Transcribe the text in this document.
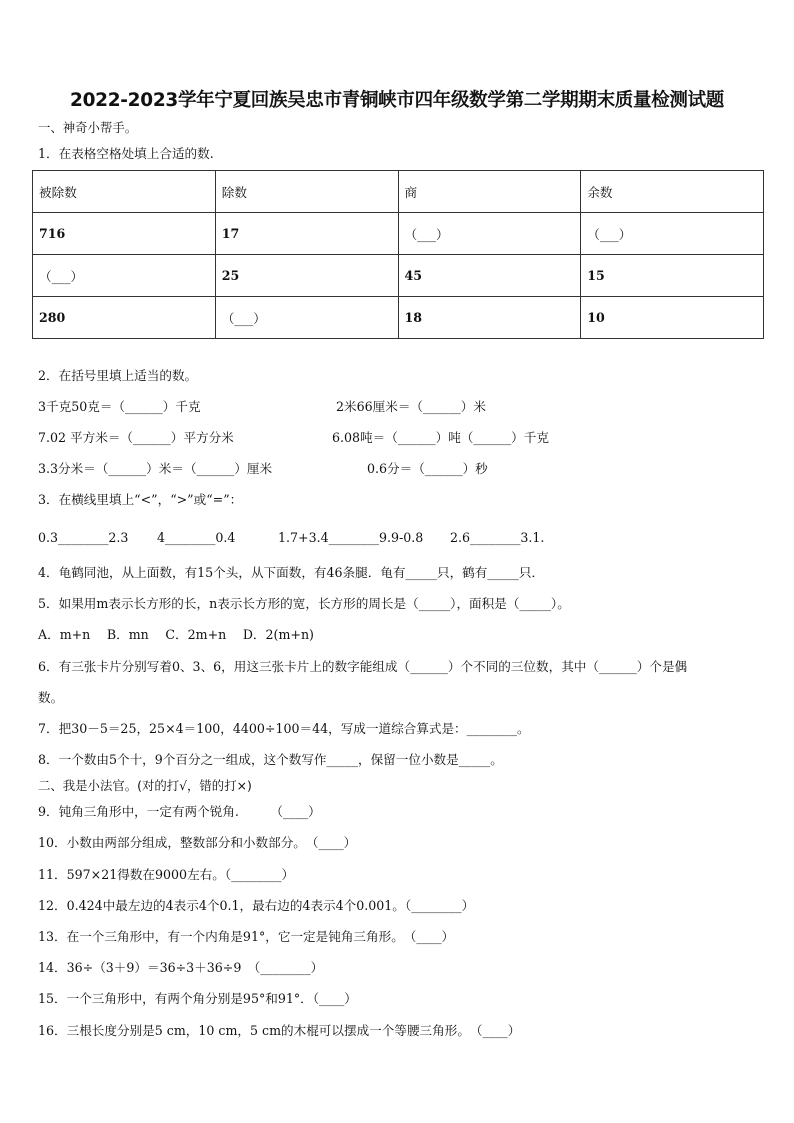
2022-2023学年宁夏回族吴忠市青铜峡市四年级数学第二学期期末质量检测试题
一、神奇小帮手。
1．在表格空格处填上合适的数.
被除数	除数	商	余数
716	17	（___）	（___）
（___）	25	45	15
280	（___）	18	10
2．在括号里填上适当的数。
3千克50克＝（______）千克	2米66厘米＝（______）米
7.02 平方米＝（______）平方分米	6.08吨＝（______）吨（______）千克
3.3分米＝（______）米＝（______）厘米	0.6分＝（______）秒
3．在横线里填上“<”，“>”或“=”：
0.3________2.3 4________0.4	1.7+3.4________9.9-0.8 2.6________3.1.
4．龟鹤同池，从上面数，有15个头，从下面数，有46条腿．龟有_____只，鹤有_____只．
5．如果用m表示长方形的长，n表示长方形的宽，长方形的周长是（_____），面积是（_____）。
A．m+n　 B．mn　 C．2m+n　 D．2(m+n)
6．有三张卡片分别写着0、3、6，用这三张卡片上的数字能组成（______）个不同的三位数，其中（______）个是偶
数。
7．把30－5＝25，25×4＝100，4400÷100＝44，写成一道综合算式是：________。
8．一个数由5个十，9个百分之一组成，这个数写作_____，保留一位小数是_____。
二、我是小法官。(对的打√，错的打×)
9．钝角三角形中，一定有两个锐角.　　　（____）
10．小数由两部分组成，整数部分和小数部分。　（____）
11．597×21得数在9000左右。（________）
12．0.424中最左边的4表示4个0.1，最右边的4表示4个0.001。（________）
13．在一个三角形中，有一个内角是91°，它一定是钝角三角形。　（____）
14．36÷（3＋9）＝36÷3＋36÷9　（________）
15．一个三角形中，有两个角分别是95°和91°．（____）
16．三根长度分别是5 cm，10 cm，5 cm的木棍可以摆成一个等腰三角形。　（____）
